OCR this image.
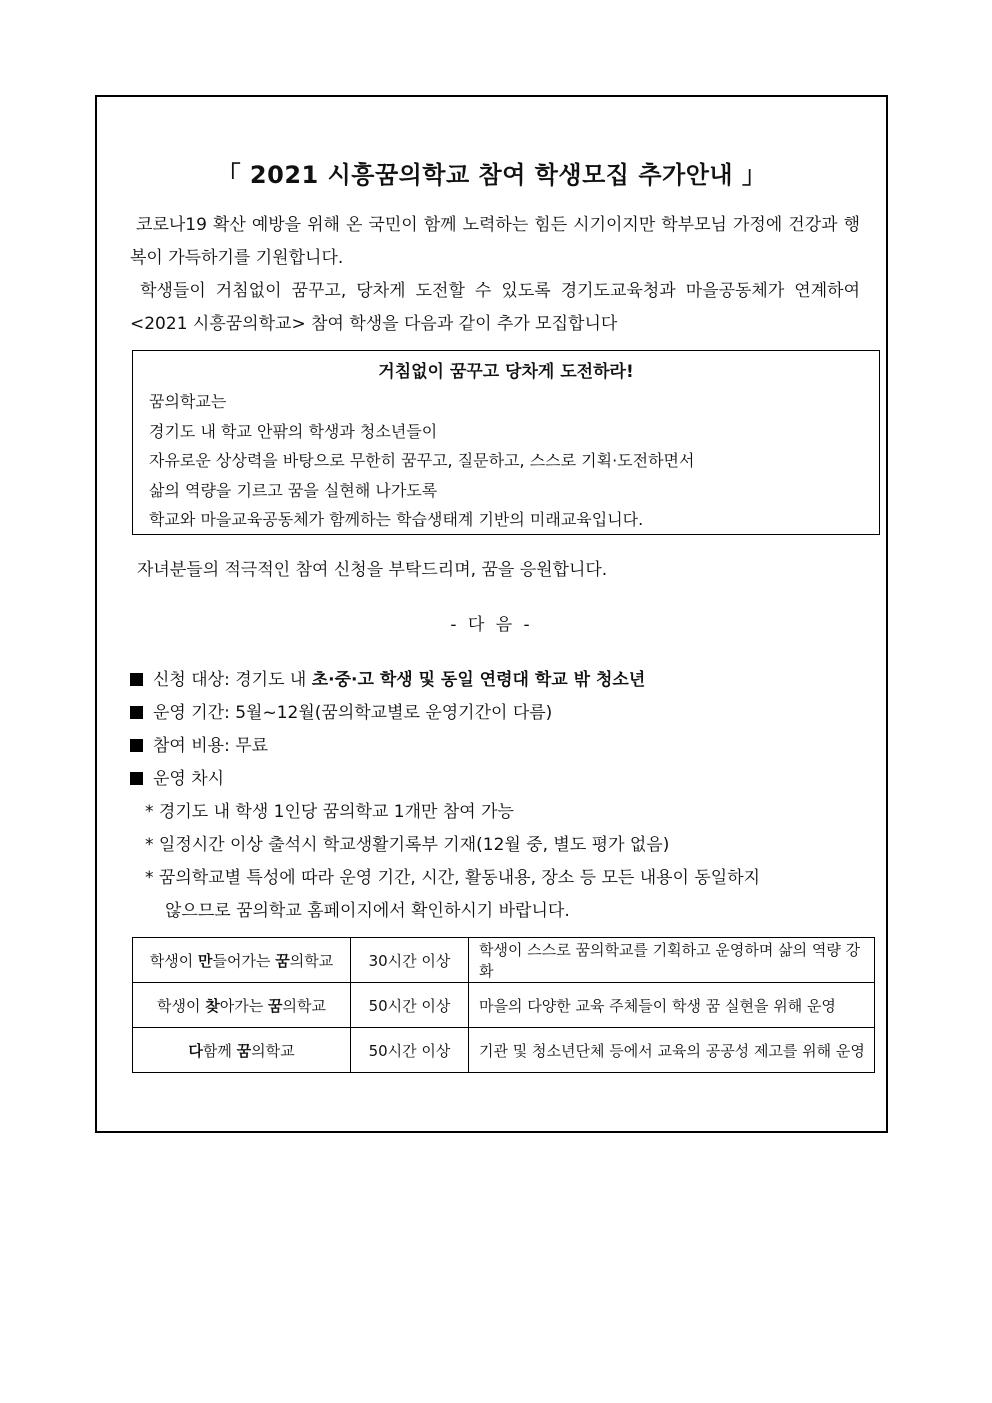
「 2021 시흥꿈의학교 참여 학생모집 추가안내 」
코로나19 확산 예방을 위해 온 국민이 함께 노력하는 힘든 시기이지만 학부모님 가정에 건강과 행복이 가득하기를 기원합니다.
학생들이 거침없이 꿈꾸고, 당차게 도전할 수 있도록 경기도교육청과 마을공동체가 연계하여 <2021 시흥꿈의학교> 참여 학생을 다음과 같이 추가 모집합니다
거침없이 꿈꾸고 당차게 도전하라!
꿈의학교는
경기도 내 학교 안팎의 학생과 청소년들이
자유로운 상상력을 바탕으로 무한히 꿈꾸고, 질문하고, 스스로 기획·도전하면서
삶의 역량을 기르고 꿈을 실현해 나가도록
학교와 마을교육공동체가 함께하는 학습생태계 기반의 미래교육입니다.
자녀분들의 적극적인 참여 신청을 부탁드리며, 꿈을 응원합니다.
- 다 음 -
신청 대상: 경기도 내 초·중·고 학생 및 동일 연령대 학교 밖 청소년
운영 기간: 5월~12월(꿈의학교별로 운영기간이 다름)
참여 비용: 무료
운영 차시
* 경기도 내 학생 1인당 꿈의학교 1개만 참여 가능
* 일정시간 이상 출석시 학교생활기록부 기재(12월 중, 별도 평가 없음)
* 꿈의학교별 특성에 따라 운영 기간, 시간, 활동내용, 장소 등 모든 내용이 동일하지
않으므로 꿈의학교 홈페이지에서 확인하시기 바랍니다.
학생이 만들어가는 꿈의학교	30시간 이상	학생이 스스로 꿈의학교를 기획하고 운영하며 삶의 역량 강화
학생이 찾아가는 꿈의학교	50시간 이상	마을의 다양한 교육 주체들이 학생 꿈 실현을 위해 운영
다함께 꿈의학교	50시간 이상	기관 및 청소년단체 등에서 교육의 공공성 제고를 위해 운영
